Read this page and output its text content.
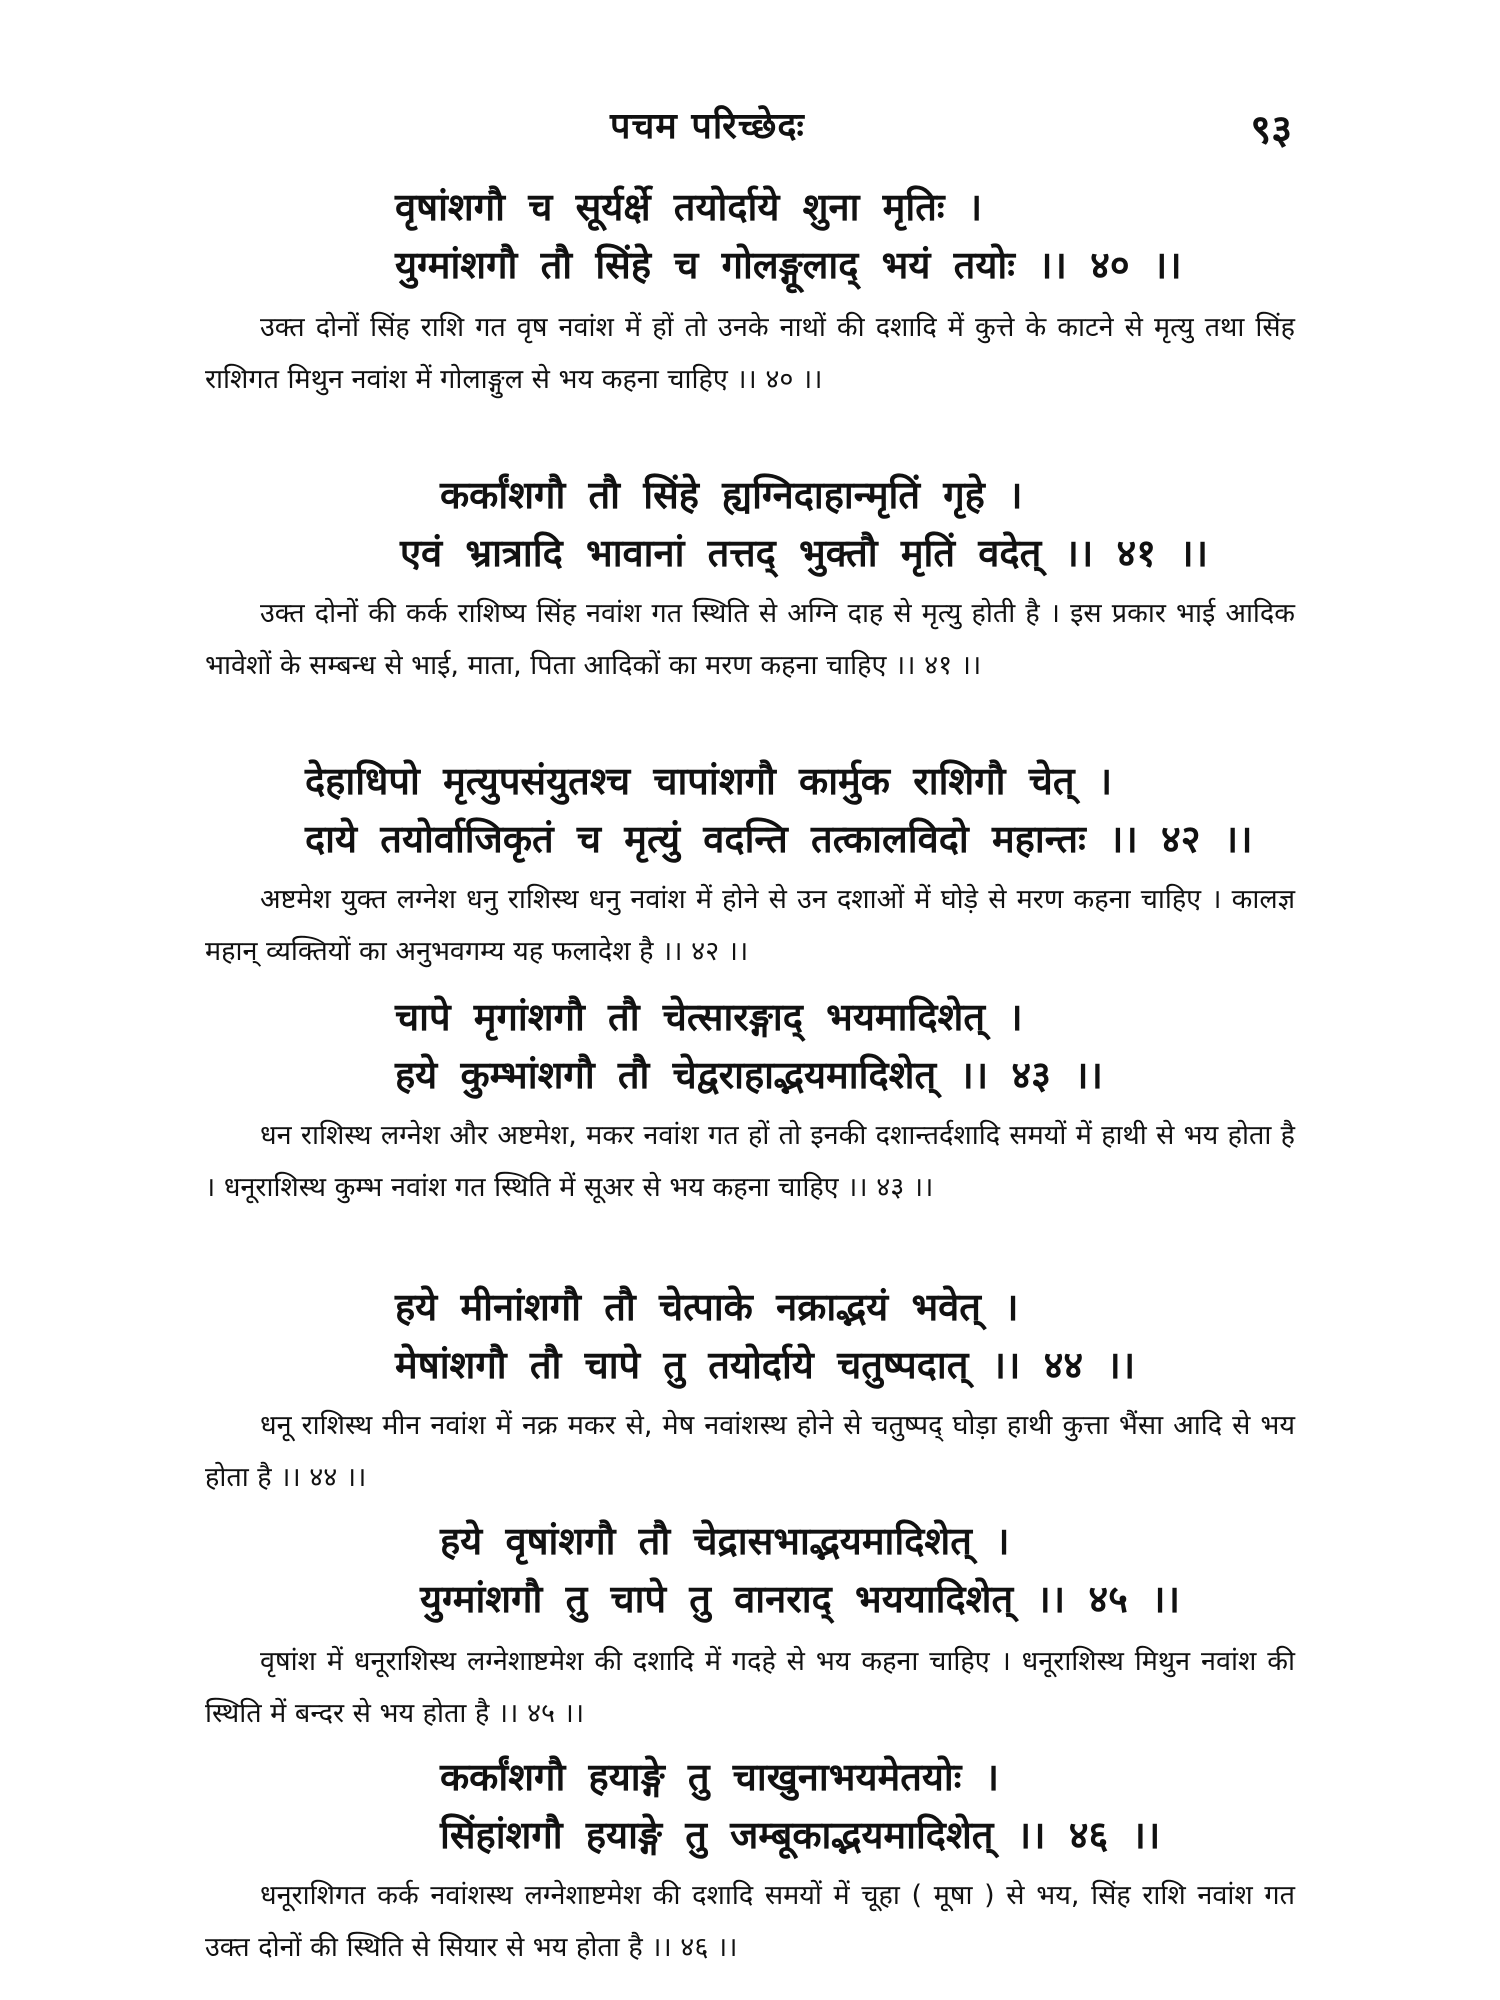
पचम परिच्छेदः	९३
वृषांशगौ च सूर्यर्क्षे तयोर्दाये शुना मृतिः ।
युग्मांशगौ तौ सिंहे च गोलङ्गूलाद् भयं तयोः ।। ४० ।।

उक्त दोनों सिंह राशि गत वृष नवांश में हों तो उनके नाथों की दशादि में कुत्ते के काटने से मृत्यु तथा सिंह राशिगत मिथुन नवांश में गोलाङ्गुल से भय कहना चाहिए ।। ४० ।।

कर्कांशगौ तौ सिंहे ह्यग्निदाहान्मृतिं गृहे ।
एवं भ्रात्रादि भावानां तत्तद् भुक्तौ मृतिं वदेत् ।। ४१ ।।

उक्त दोनों की कर्क राशिष्य सिंह नवांश गत स्थिति से अग्नि दाह से मृत्यु होती है । इस प्रकार भाई आदिक भावेशों के सम्बन्ध से भाई, माता, पिता आदिकों का मरण कहना चाहिए ।। ४१ ।।

देहाधिपो मृत्युपसंयुतश्च चापांशगौ कार्मुक राशिगौ चेत् ।
दाये तयोर्वाजिकृतं च मृत्युं वदन्ति तत्कालविदो महान्तः ।। ४२ ।।

अष्टमेश युक्त लग्नेश धनु राशिस्थ धनु नवांश में होने से उन दशाओं में घोड़े से मरण कहना चाहिए । कालज्ञ महान् व्यक्तियों का अनुभवगम्य यह फलादेश है ।। ४२ ।।

चापे मृगांशगौ तौ चेत्सारङ्गाद् भयमादिशेत् ।
हये कुम्भांशगौ तौ चेद्वराहाद्भयमादिशेत् ।। ४३ ।।

धन राशिस्थ लग्नेश और अष्टमेश, मकर नवांश गत हों तो इनकी दशान्तर्दशादि समयों में हाथी से भय होता है । धनूराशिस्थ कुम्भ नवांश गत स्थिति में सूअर से भय कहना चाहिए ।। ४३ ।।

हये मीनांशगौ तौ चेत्पाके नक्राद्भयं भवेत् ।
मेषांशगौ तौ चापे तु तयोर्दाये चतुष्पदात् ।। ४४ ।।

धनू राशिस्थ मीन नवांश में नक्र मकर से, मेष नवांशस्थ होने से चतुष्पद् घोड़ा हाथी कुत्ता भैंसा आदि से भय होता है ।। ४४ ।।

हये वृषांशगौ तौ चेद्रासभाद्भयमादिशेत् ।
युग्मांशगौ तु चापे तु वानराद् भययादिशेत् ।। ४५ ।।

वृषांश में धनूराशिस्थ लग्नेशाष्टमेश की दशादि में गदहे से भय कहना चाहिए । धनूराशिस्थ मिथुन नवांश की स्थिति में बन्दर से भय होता है ।। ४५ ।।

कर्कांशगौ हयाङ्गे तु चाखुनाभयमेतयोः ।
सिंहांशगौ हयाङ्गे तु जम्बूकाद्भयमादिशेत् ।। ४६ ।।

धनूराशिगत कर्क नवांशस्थ लग्नेशाष्टमेश की दशादि समयों में चूहा ( मूषा ) से भय, सिंह राशि नवांश गत उक्त दोनों की स्थिति से सियार से भय होता है ।। ४६ ।।
